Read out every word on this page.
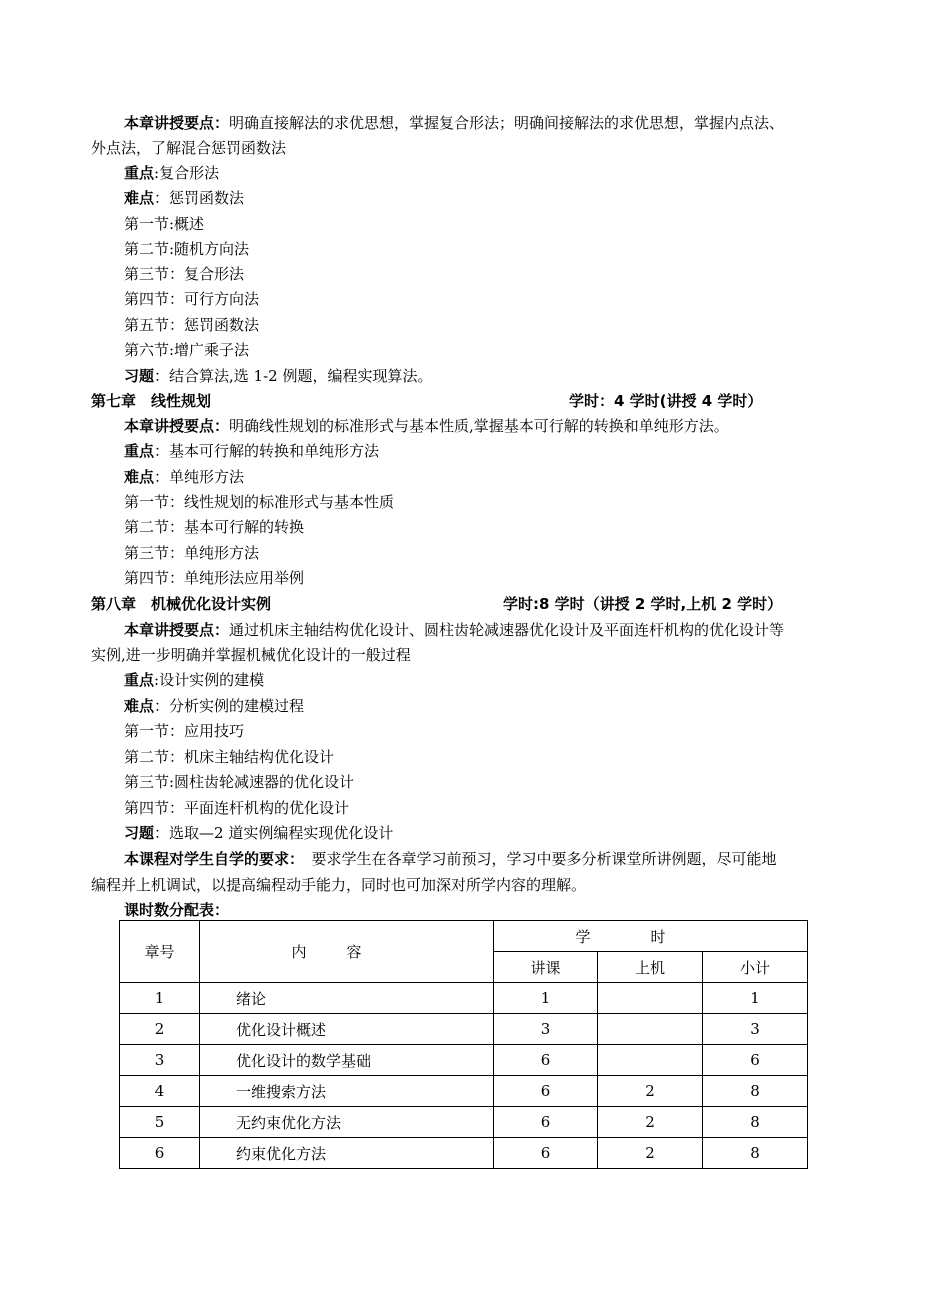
本章讲授要点：明确直接解法的求优思想，掌握复合形法；明确间接解法的求优思想，掌握内点法、
外点法，了解混合惩罚函数法
重点:复合形法
难点：惩罚函数法
第一节:概述
第二节:随机方向法
第三节：复合形法
第四节：可行方向法
第五节：惩罚函数法
第六节:增广乘子法
习题：结合算法,选 1-2 例题，编程实现算法。
第七章　线性规划	学时：4 学时(讲授 4 学时）
本章讲授要点：明确线性规划的标准形式与基本性质,掌握基本可行解的转换和单纯形方法。
重点：基本可行解的转换和单纯形方法
难点：单纯形方法
第一节：线性规划的标准形式与基本性质
第二节：基本可行解的转换
第三节：单纯形方法
第四节：单纯形法应用举例
第八章　机械优化设计实例	学时:8 学时（讲授 2 学时,上机 2 学时）
本章讲授要点：通过机床主轴结构优化设计、圆柱齿轮减速器优化设计及平面连杆机构的优化设计等
实例,进一步明确并掌握机械优化设计的一般过程
重点:设计实例的建模
难点：分析实例的建模过程
第一节：应用技巧
第二节：机床主轴结构优化设计
第三节:圆柱齿轮减速器的优化设计
第四节：平面连杆机构的优化设计
习题：选取—2 道实例编程实现优化设计
本课程对学生自学的要求：　要求学生在各章学习前预习，学习中要多分析课堂所讲例题，尽可能地
编程并上机调试，以提高编程动手能力，同时也可加深对所学内容的理解。
课时数分配表：
章号	内容	学时		
		讲课	上机	小计
1	绪论	1		1
2	优化设计概述	3		3
3	优化设计的数学基础	6		6
4	一维搜索方法	6	2	8
5	无约束优化方法	6	2	8
6	约束优化方法	6	2	8
